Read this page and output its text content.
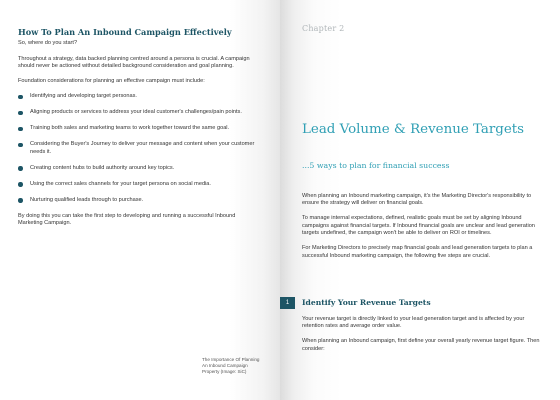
How To Plan An Inbound Campaign Effectively

So, where do you start?

Throughout a strategy, data backed planning centred around a persona is crucial. A campaign should never be actioned without detailed background consideration and goal planning.

Foundation considerations for planning an effective campaign must include:

Identifying and developing target personas.
Aligning products or services to address your ideal customer's challenges/pain points.
Training both sales and marketing teams to work together toward the same goal.
Considering the Buyer's Journey to deliver your message and content when your customer needs it.
Creating content hubs to build authority around key topics.
Using the correct sales channels for your target persona on social media.
Nurturing qualified leads through to purchase.

By doing this you can take the first step to developing and running a successful Inbound Marketing Campaign.

The Importance Of Planning An Inbound Campaign Property (Image: SiC)
Chapter 2
Lead Volume & Revenue Targets
...5 ways to plan for financial success

When planning an Inbound marketing campaign, it's the Marketing Director's responsibility to ensure the strategy will deliver on financial goals.

To manage internal expectations, defined, realistic goals must be set by aligning Inbound campaigns against financial targets. If Inbound financial goals are unclear and lead generation targets undefined, the campaign won't be able to deliver on ROI or timelines.

For Marketing Directors to precisely map financial goals and lead generation targets to plan a successful Inbound marketing campaign, the following five steps are crucial.

1	Identify Your Revenue Targets

Your revenue target is directly linked to your lead generation target and is affected by your retention rates and average order value.

When planning an Inbound campaign, first define your overall yearly revenue target figure. Then consider:
